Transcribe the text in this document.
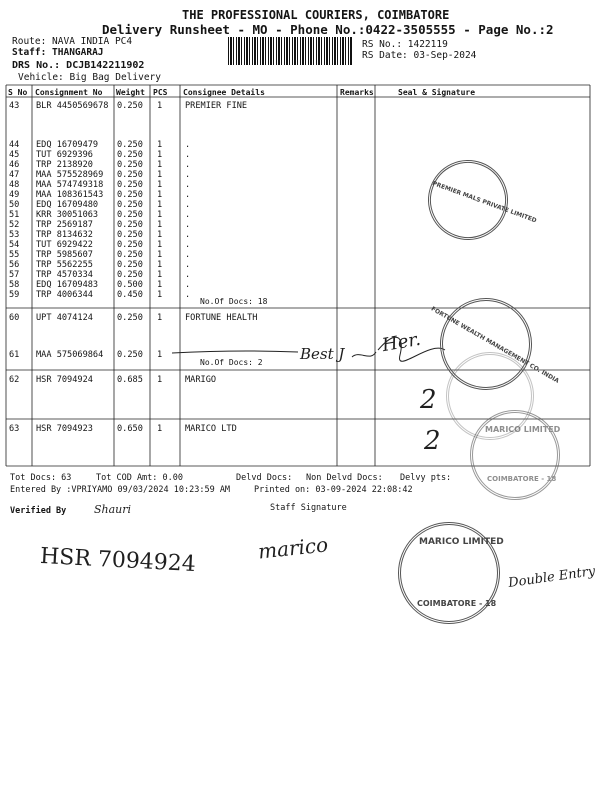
THE PROFESSIONAL COURIERS, COIMBATORE
Delivery Runsheet - MO - Phone No.:0422-3505555 - Page No.:2
Route: NAVA INDIA PC4
Staff: THANGARAJ
DRS No.: DCJB142211902
Vehicle: Big Bag Delivery
RS No.: 1422119
RS Date: 03-Sep-2024
S No Consignment No Weight PCS Consignee Details	Remarks	Seal & Signature
43 BLR 4450569678 0.250 1	PREMIER FINE
44 EDQ 16709479 0.250 1	.
45 TUT 6929396	0.250 1	.
46 TRP 2138920	0.250 1	.
47 MAA 575528969 0.250 1	.
48 MAA 574749318 0.250 1	.
49 MAA 108361543 0.250 1	.
50 EDQ 16709480 0.250 1	.
51 KRR 30051063 0.250 1	.
52 TRP 2569187	0.250 1	.
53 TRP 8134632	0.250 1	.
54 TUT 6929422	0.250 1	.
55 TRP 5985607	0.250 1	.
56 TRP 5562255	0.250 1	.
57 TRP 4570334	0.250 1	.
58 EDQ 16709483 0.500 1	.
59 TRP 4006344	0.450 1	.
60 UPT 4074124	0.250 1	FORTUNE HEALTH
61 MAA 575069864 0.250 1
62 HSR 7094924	0.685 1	MARIGO
63 HSR 7094923	0.650 1	MARICO LTD
No.Of Docs: 18
No.Of Docs: 2
Tot Docs: 63	Tot COD Amt: 0.00	Delvd Docs: Non Delvd Docs: Delvy pts:
Entered By :VPRIYAMO 09/03/2024 10:23:59 AM	Printed on: 03-09-2024 22:08:42
Verified By	Staff Signature
Shauri
HSR 7094924	marico
Double Entry
Best J Her.
2
2
PREMIER MALS PRIVATE LIMITED
FORTUNE WEALTH MANAGEMENT CO. INDIA
MARICO LIMITED
COIMBATORE - 18
MARICO LIMITED
COIMBATORE - 18
